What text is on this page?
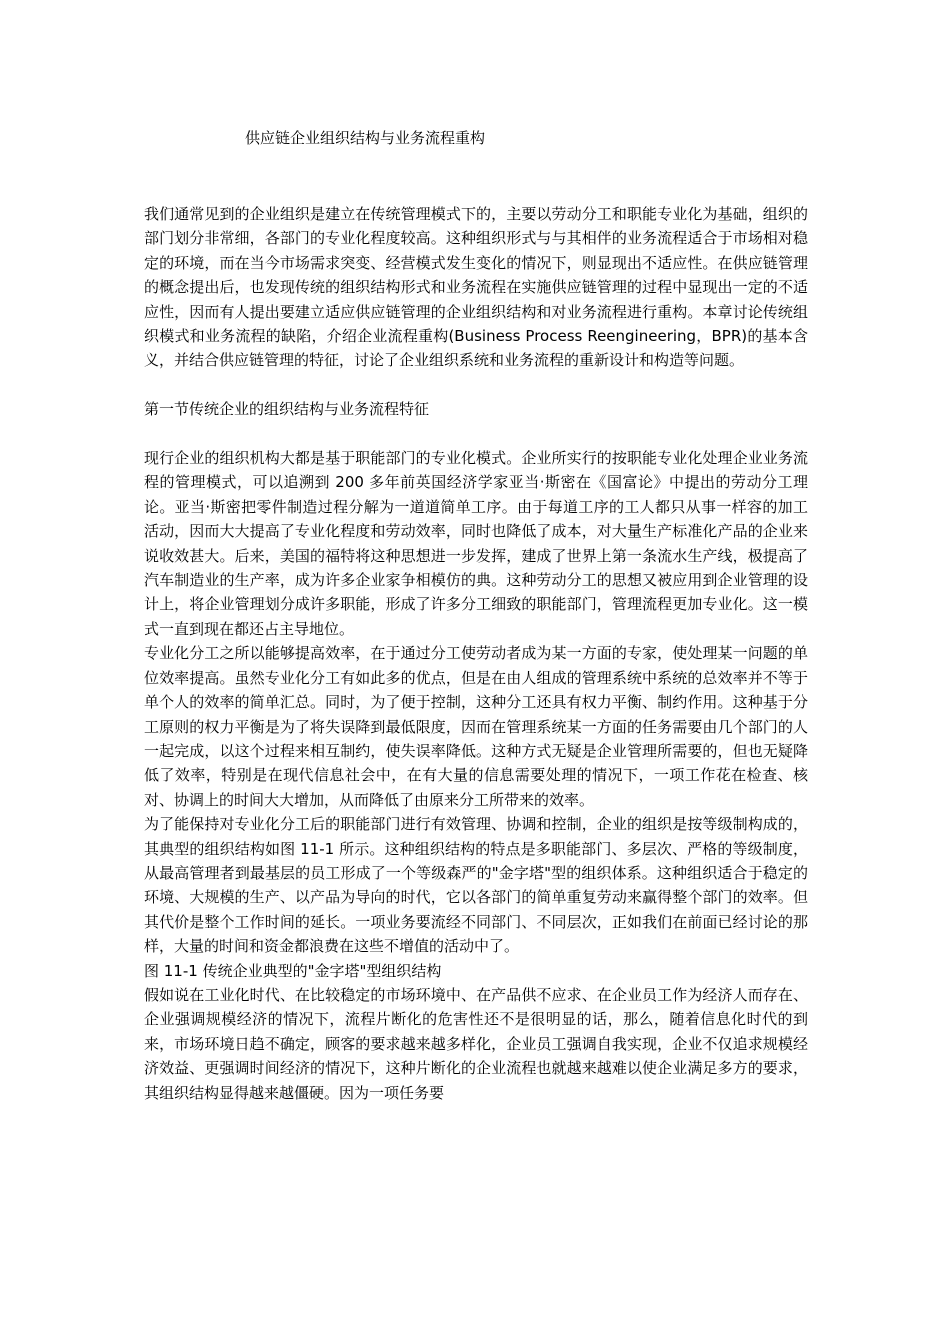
供应链企业组织结构与业务流程重构

我们通常见到的企业组织是建立在传统管理模式下的，主要以劳动分工和职能专业化为基础，组织的部门划分非常细，各部门的专业化程度较高。这种组织形式与与其相伴的业务流程适合于市场相对稳定的环境，而在当今市场需求突变、经营模式发生变化的情况下，则显现出不适应性。在供应链管理的概念提出后，也发现传统的组织结构形式和业务流程在实施供应链管理的过程中显现出一定的不适应性，因而有人提出要建立适应供应链管理的企业组织结构和对业务流程进行重构。本章讨论传统组织模式和业务流程的缺陷，介绍企业流程重构(Business Process Reengineering，BPR)的基本含义，并结合供应链管理的特征，讨论了企业组织系统和业务流程的重新设计和构造等问题。

第一节传统企业的组织结构与业务流程特征

现行企业的组织机构大都是基于职能部门的专业化模式。企业所实行的按职能专业化处理企业业务流程的管理模式，可以追溯到 200 多年前英国经济学家亚当·斯密在《国富论》中提出的劳动分工理论。亚当·斯密把零件制造过程分解为一道道简单工序。由于每道工序的工人都只从事一样容的加工活动，因而大大提高了专业化程度和劳动效率，同时也降低了成本，对大量生产标准化产品的企业来说收效甚大。后来，美国的福特将这种思想进一步发挥，建成了世界上第一条流水生产线，极提高了汽车制造业的生产率，成为许多企业家争相模仿的典。这种劳动分工的思想又被应用到企业管理的设计上，将企业管理划分成许多职能，形成了许多分工细致的职能部门，管理流程更加专业化。这一模式一直到现在都还占主导地位。

专业化分工之所以能够提高效率，在于通过分工使劳动者成为某一方面的专家，使处理某一问题的单位效率提高。虽然专业化分工有如此多的优点，但是在由人组成的管理系统中系统的总效率并不等于单个人的效率的简单汇总。同时，为了便于控制，这种分工还具有权力平衡、制约作用。这种基于分工原则的权力平衡是为了将失误降到最低限度，因而在管理系统某一方面的任务需要由几个部门的人一起完成，以这个过程来相互制约，使失误率降低。这种方式无疑是企业管理所需要的，但也无疑降低了效率，特别是在现代信息社会中，在有大量的信息需要处理的情况下，一项工作花在检查、核对、协调上的时间大大增加，从而降低了由原来分工所带来的效率。

为了能保持对专业化分工后的职能部门进行有效管理、协调和控制，企业的组织是按等级制构成的，其典型的组织结构如图 11-1 所示。这种组织结构的特点是多职能部门、多层次、严格的等级制度，从最高管理者到最基层的员工形成了一个等级森严的"金字塔"型的组织体系。这种组织适合于稳定的环境、大规模的生产、以产品为导向的时代，它以各部门的简单重复劳动来赢得整个部门的效率。但其代价是整个工作时间的延长。一项业务要流经不同部门、不同层次，正如我们在前面已经讨论的那样，大量的时间和资金都浪费在这些不增值的活动中了。

图 11-1 传统企业典型的"金字塔"型组织结构

假如说在工业化时代、在比较稳定的市场环境中、在产品供不应求、在企业员工作为经济人而存在、企业强调规模经济的情况下，流程片断化的危害性还不是很明显的话，那么，随着信息化时代的到来，市场环境日趋不确定，顾客的要求越来越多样化，企业员工强调自我实现，企业不仅追求规模经济效益、更强调时间经济的情况下，这种片断化的企业流程也就越来越难以使企业满足多方的要求，其组织结构显得越来越僵硬。因为一项任务要
